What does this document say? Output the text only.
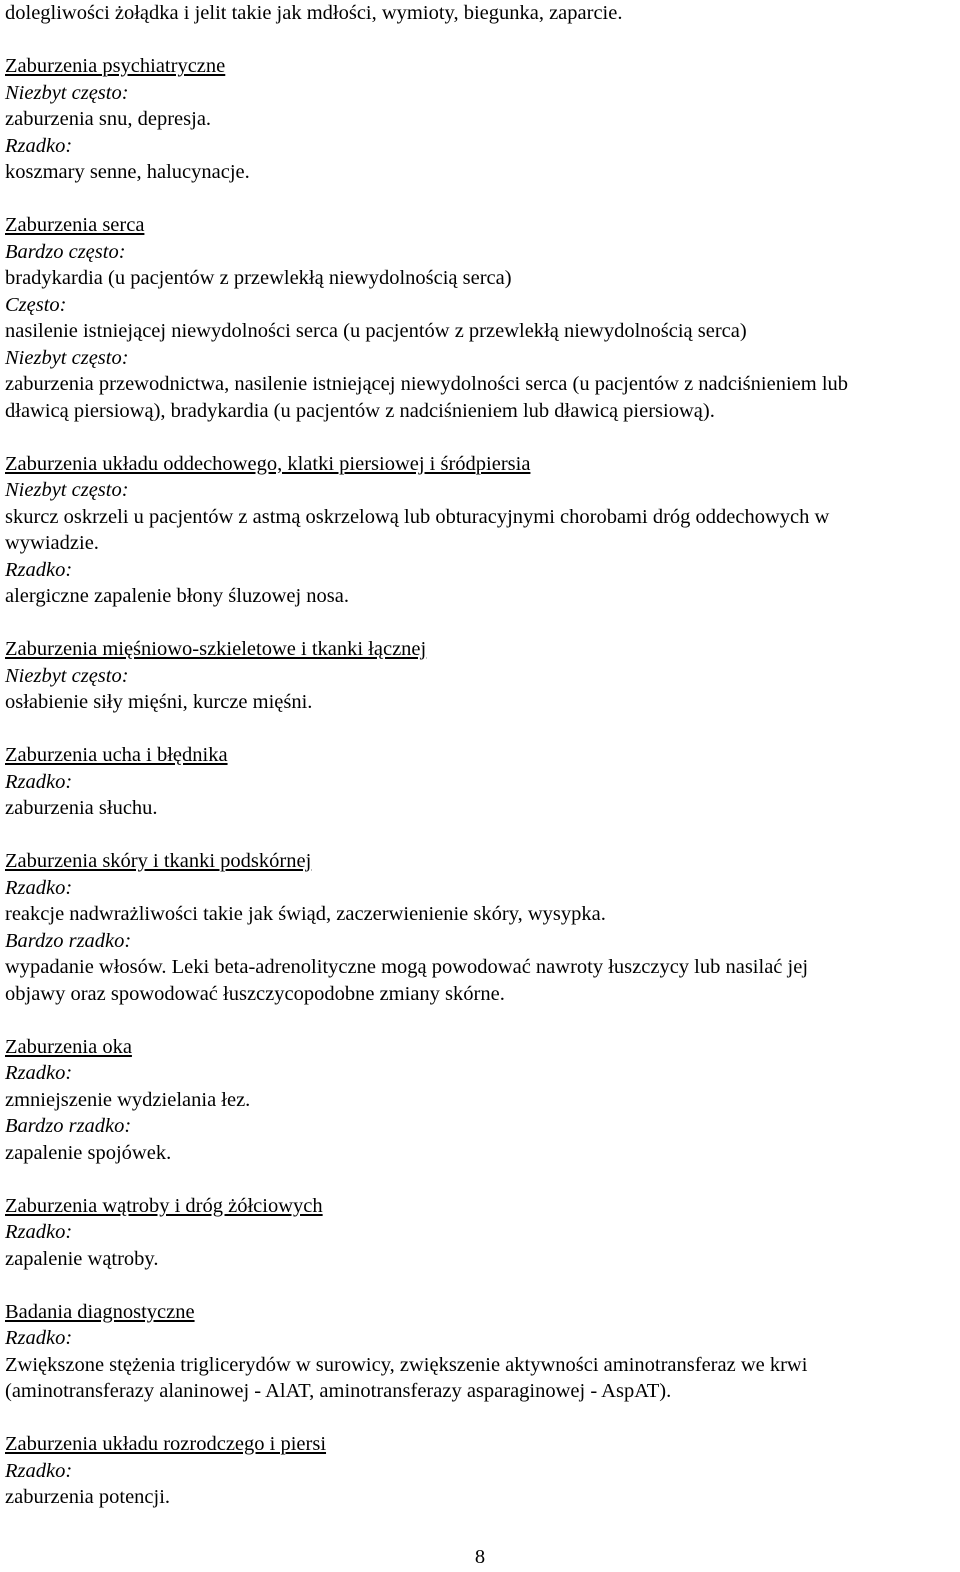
dolegliwości żołądka i jelit takie jak mdłości, wymioty, biegunka, zaparcie.
Zaburzenia psychiatryczne
Niezbyt często:
zaburzenia snu, depresja.
Rzadko:
koszmary senne, halucynacje.
Zaburzenia serca
Bardzo często:
bradykardia (u pacjentów z przewlekłą niewydolnością serca)
Często:
nasilenie istniejącej niewydolności serca (u pacjentów z przewlekłą niewydolnością serca)
Niezbyt często:
zaburzenia przewodnictwa, nasilenie istniejącej niewydolności serca (u pacjentów z nadciśnieniem lub
dławicą piersiową), bradykardia (u pacjentów z nadciśnieniem lub dławicą piersiową).
Zaburzenia układu oddechowego, klatki piersiowej i śródpiersia
Niezbyt często:
skurcz oskrzeli u pacjentów z astmą oskrzelową lub obturacyjnymi chorobami dróg oddechowych w
wywiadzie.
Rzadko:
alergiczne zapalenie błony śluzowej nosa.
Zaburzenia mięśniowo-szkieletowe i tkanki łącznej
Niezbyt często:
osłabienie siły mięśni, kurcze mięśni.
Zaburzenia ucha i błędnika
Rzadko:
zaburzenia słuchu.
Zaburzenia skóry i tkanki podskórnej
Rzadko:
reakcje nadwrażliwości takie jak świąd, zaczerwienienie skóry, wysypka.
Bardzo rzadko:
wypadanie włosów. Leki beta-adrenolityczne mogą powodować nawroty łuszczycy lub nasilać jej
objawy oraz spowodować łuszczycopodobne zmiany skórne.
Zaburzenia oka
Rzadko:
zmniejszenie wydzielania łez.
Bardzo rzadko:
zapalenie spojówek.
Zaburzenia wątroby i dróg żółciowych
Rzadko:
zapalenie wątroby.
Badania diagnostyczne
Rzadko:
Zwiększone stężenia triglicerydów w surowicy, zwiększenie aktywności aminotransferaz we krwi
(aminotransferazy alaninowej - AlAT, aminotransferazy asparaginowej - AspAT).
Zaburzenia układu rozrodczego i piersi
Rzadko:
zaburzenia potencji.
8
